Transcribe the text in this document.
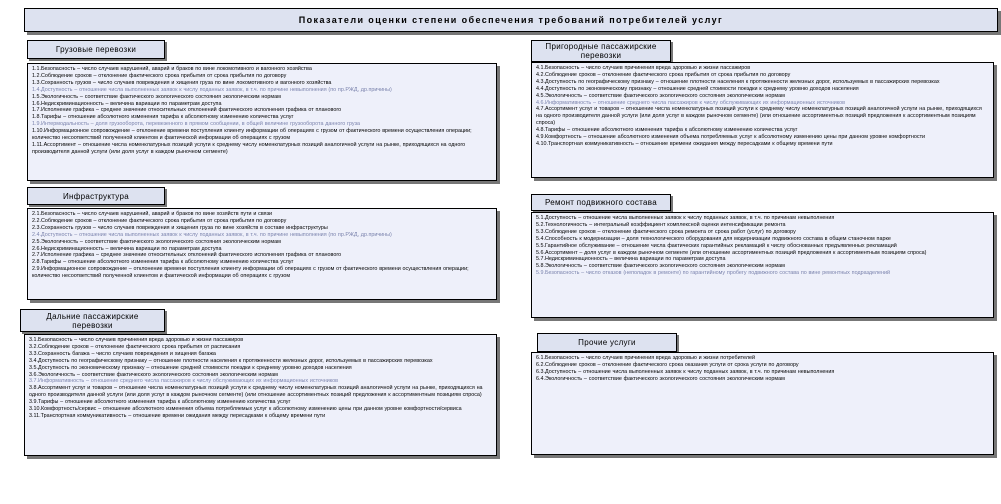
Показатели оценки степени обеспечения требований потребителей услуг
Грузовые перевозки
Инфраструктура
Дальние пассажирские перевозки
Пригородные пассажирские перевозки
Ремонт подвижного состава
Прочие услуги

1.1.Безопасность – число случаев нарушений, аварий и браков по вине локомотивного и вагонного хозяйства

1.2.Соблюдение сроков – отклонение фактического срока прибытия от срока прибытия по договору

1.3.Сохранность грузов – число случаев повреждения и хищения груза по вине локомотивного и вагонного хозяйства

1.4.Доступность – отношение числа выполненных заявок к числу поданных заявок, в т.ч. по причине невыполнения (по пр.РЖД, др.причины)

1.5.Экологичность – соответствие фактического экологического состояния экологическим нормам

1.6.Недискриминационность – величина вариации по параметрам доступа

1.7.Исполнение графика – среднее значение относительных отклонений фактического исполнения графика от планового

1.8.Тарифы – отношение абсолютного изменения тарифа к абсолютному изменению количества услуг

1.9.Интермодальность – доля грузооборота, перевезенного в прямом сообщении, в общей величине грузооборота данного груза

1.10.Информационное сопровождение – отклонение времени поступления клиенту информации об операциях с грузом от фактического времени осуществления операции; количество несоответствий полученной клиентом и фактической информации об операциях с грузом

1.11.Ассортимент – отношение числа номенклатурных позиций услуги к среднему числу номенклатурных позиций аналогичной услуги на рынке, приходящихся на одного производителя данной услуги (или доля услуг в каждом рыночном сегменте)

2.1.Безопасность – число случаев нарушений, аварий и браков по вине хозяйств пути и связи

2.2.Соблюдение сроков – отклонение фактического срока прибытия от срока прибытия по договору

2.3.Сохранность грузов – число случаев повреждения и хищения груза по вине хозяйств в составе инфраструктуры

2.4.Доступность – отношение числа выполненных заявок к числу поданных заявок, в т.ч. по причине невыполнения (по пр.РЖД, др.причины)

2.5.Экологичность – соответствие фактического экологического состояния экологическим нормам

2.6.Недискриминационность – величина вариации по параметрам доступа

2.7.Исполнение графика – среднее значение относительных отклонений фактического исполнения графика от планового

2.8.Тарифы – отношение абсолютного изменения тарифа к абсолютному изменению количества услуг

2.9.Информационное сопровождение – отклонение времени поступления клиенту информации об операциях с грузом от фактического времени осуществления операции; количество несоответствий полученной клиентом и фактической информации об операциях с грузом

3.1.Безопасность – число случаев причинения вреда здоровью и жизни пассажиров

3.2.Соблюдение сроков – отклонение фактического срока прибытия от расписания

3.3.Сохранность багажа – число случаев повреждения и хищения багажа

3.4.Доступность по географическому признаку – отношение плотности населения к протяженности железных дорог, используемых в пассажирских перевозках

3.5.Доступность по экономическому признаку – отношение средней стоимости поездки к среднему уровню доходов населения

3.6.Экологичность – соответствие фактического экологического состояния экологическим нормам

3.7.Информативность – отношение среднего числа пассажиров к числу обслуживающих их информационных источников

3.8.Ассортимент услуг и товаров – отношение числа номенклатурных позиций услуги к среднему числу номенклатурных позиций аналогичной услуги на рынке, приходящихся на одного производителя данной услуги (или доля услуг в каждом рыночном сегменте) (или отношение ассортиментных позиций предложения к ассортиментным позициям спроса)

3.9.Тарифы – отношение абсолютного изменения тарифа к абсолютному изменению количества услуг

3.10.Комфортность/сервис – отношение абсолютного изменения объема потребляемых услуг к абсолютному изменению цены при данном уровне комфортности/сервиса

3.11.Транспортная коммуникативность – отношение времени ожидания между пересадками к общему времени пути

4.1.Безопасность – число случаев причинения вреда здоровью и жизни пассажиров

4.2.Соблюдение сроков – отклонение фактического срока прибытия от срока прибытия по договору

4.3.Доступность по географическому признаку – отношение плотности населения к протяженности железных дорог, используемых в пассажирских перевозках

4.4.Доступность по экономическому признаку – отношение средней стоимости поездки к среднему уровню доходов населения

4.5.Экологичность – соответствие фактического экологического состояния экологическим нормам

4.6.Информативность – отношение среднего числа пассажиров к числу обслуживающих их информационных источников

4.7.Ассортимент услуг и товаров – отношение числа номенклатурных позиций услуги к среднему числу номенклатурных позиций аналогичной услуги на рынке, приходящихся на одного производителя данной услуги (или доля услуг в каждом рыночном сегменте) (или отношение ассортиментных позиций предложения к ассортиментным позициям спроса)

4.8.Тарифы – отношение абсолютного изменения тарифа к абсолютному изменению количества услуг

4.9.Комфортность – отношение абсолютного изменения объема потребляемых услуг к абсолютному изменению цены при данном уровне комфортности

4.10.Транспортная коммуникативность – отношение времени ожидания между пересадками к общему времени пути

5.1.Доступность – отношение числа выполненных заявок к числу поданных заявок, в т.ч. по причинам невыполнения

5.2.Технологичность – интегральный коэффициент комплексной оценки интенсификации ремонта

5.3.Соблюдение сроков – отклонение фактического срока ремонта от срока работ (услуг) по договору

5.4.Способность к модернизации – доля технологического оборудования для модернизации подвижного состава в общем станочном парке

5.5.Гарантийное обслуживание – отношение числа фактических гарантийных рекламаций к числу обоснованных предъявленных рекламаций

5.6.Ассортимент – доля услуг в каждом рыночном сегменте (или отношение ассортиментных позиций предложения к ассортиментным позициям спроса)

5.7.Недискриминационность – величина вариации по параметрам доступа

5.8.Экологичность – соответствие фактического экологического состояния экологическим нормам

5.9.Безопасность – число отказов (неполадок в ремонте) по гарантийному пробегу подвижного состава по вине ремонтных подразделений

6.1.Безопасность – число случаев причинения вреда здоровью и жизни потребителей

6.2.Соблюдение сроков – отклонение фактического срока оказания услуги от срока услуги по договору

6.3.Доступность – отношение числа выполненных заявок к числу поданных заявок, в т.ч. по причинам невыполнения

6.4.Экологичность – соответствие фактического экологического состояния экологическим нормам
